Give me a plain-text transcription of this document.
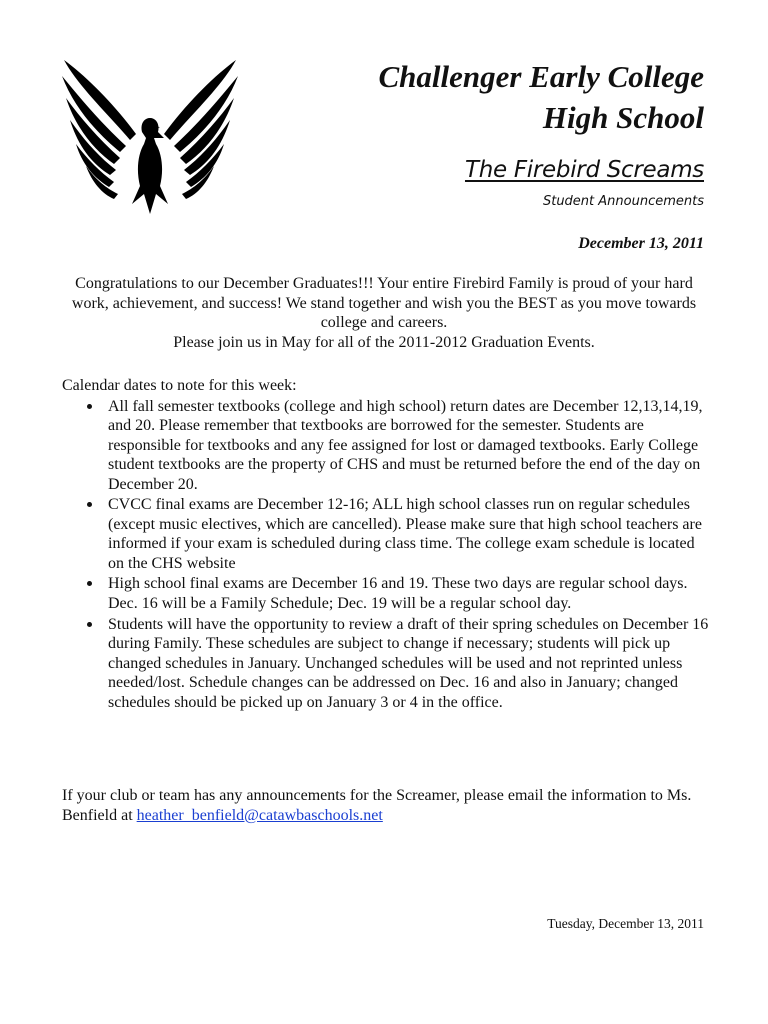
Challenger Early College
High School
The Firebird Screams
Student Announcements
December 13, 2011

Congratulations to our December Graduates!!! Your entire Firebird Family is proud of your hard work, achievement, and success! We stand together and wish you the BEST as you move towards college and careers.

Please join us in May for all of the 2011-2012 Graduation Events.

Calendar dates to note for this week:

All fall semester textbooks (college and high school) return dates are December 12,13,14,19, and 20. Please remember that textbooks are borrowed for the semester. Students are responsible for textbooks and any fee assigned for lost or damaged textbooks. Early College student textbooks are the property of CHS and must be returned before the end of the day on December 20.
CVCC final exams are December 12-16; ALL high school classes run on regular schedules (except music electives, which are cancelled). Please make sure that high school teachers are informed if your exam is scheduled during class time. The college exam schedule is located on the CHS website
High school final exams are December 16 and 19. These two days are regular school days. Dec. 16 will be a Family Schedule; Dec. 19 will be a regular school day.
Students will have the opportunity to review a draft of their spring schedules on December 16 during Family. These schedules are subject to change if necessary; students will pick up changed schedules in January. Unchanged schedules will be used and not reprinted unless needed/lost. Schedule changes can be addressed on Dec. 16 and also in January; changed schedules should be picked up on January 3 or 4 in the office.

If your club or team has any announcements for the Screamer, please email the information to Ms. Benfield at heather_benfield@catawbaschools.net

Tuesday, December 13, 2011
